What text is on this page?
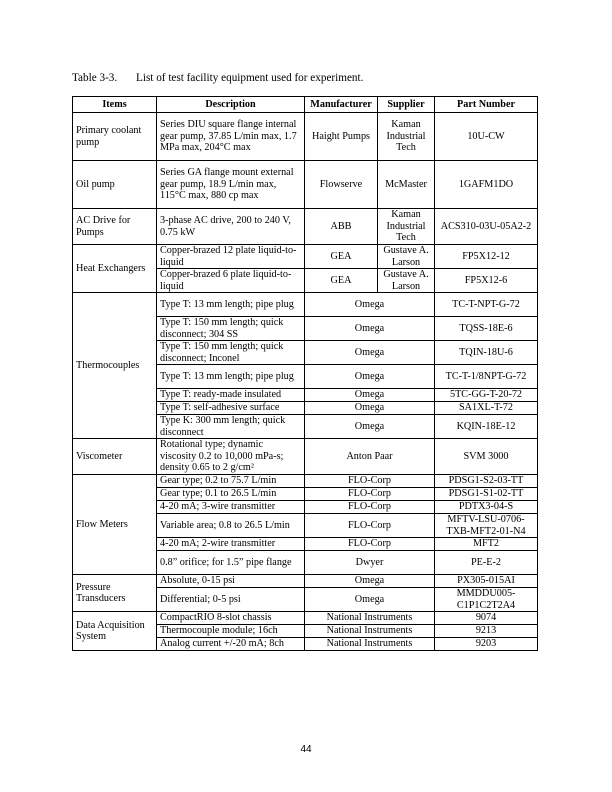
Table 3-3. List of test facility equipment used for experiment.
Items	Description	Manufacturer	Supplier	Part Number
Primary coolant pump	Series DIU square flange internal gear pump, 37.85 L/min max, 1.7 MPa max, 204°C max	Haight Pumps	Kaman Industrial Tech	10U-CW
Oil pump	Series GA flange mount external gear pump, 18.9 L/min max, 115°C max, 880 cp max	Flowserve	McMaster	1GAFM1DO
AC Drive for Pumps	3-phase AC drive, 200 to 240 V, 0.75 kW	ABB	Kaman Industrial Tech	ACS310-03U-05A2-2
Heat Exchangers	Copper-brazed 12 plate liquid-to-liquid	GEA	Gustave A. Larson	FP5X12-12
	Copper-brazed 6 plate liquid-to-liquid	GEA	Gustave A. Larson	FP5X12-6
Thermocouples	Type T: 13 mm length; pipe plug	Omega		TC-T-NPT-G-72
	Type T: 150 mm length; quick disconnect; 304 SS	Omega		TQSS-18E-6
	Type T: 150 mm length; quick disconnect; Inconel	Omega		TQIN-18U-6
	Type T: 13 mm length; pipe plug	Omega		TC-T-1/8NPT-G-72
	Type T: ready-made insulated	Omega		5TC-GG-T-20-72
	Type T: self-adhesive surface	Omega		SA1XL-T-72
	Type K: 300 mm length; quick disconnect	Omega		KQIN-18E-12
Viscometer	Rotational type; dynamic viscosity 0.2 to 10,000 mPa-s; density 0.65 to 2 g/cm²	Anton Paar		SVM 3000
Flow Meters	Gear type; 0.2 to 75.7 L/min	FLO-Corp		PDSG1-S2-03-TT
	Gear type; 0.1 to 26.5 L/min	FLO-Corp		PDSG1-S1-02-TT
	4-20 mA; 3-wire transmitter	FLO-Corp		PDTX3-04-S
	Variable area; 0.8 to 26.5 L/min	FLO-Corp		MFTV-LSU-0706-TXB-MFT2-01-N4
	4-20 mA; 2-wire transmitter	FLO-Corp		MFT2
	0.8” orifice; for 1.5” pipe flange	Dwyer		PE-E-2
Pressure Transducers	Absolute, 0-15 psi	Omega		PX305-015AI
	Differential; 0-5 psi	Omega		MMDDU005-C1P1C2T2A4
Data Acquisition System	CompactRIO 8-slot chassis	National Instruments		9074
	Thermocouple module; 16ch	National Instruments		9213
	Analog current +/-20 mA; 8ch	National Instruments		9203
44
